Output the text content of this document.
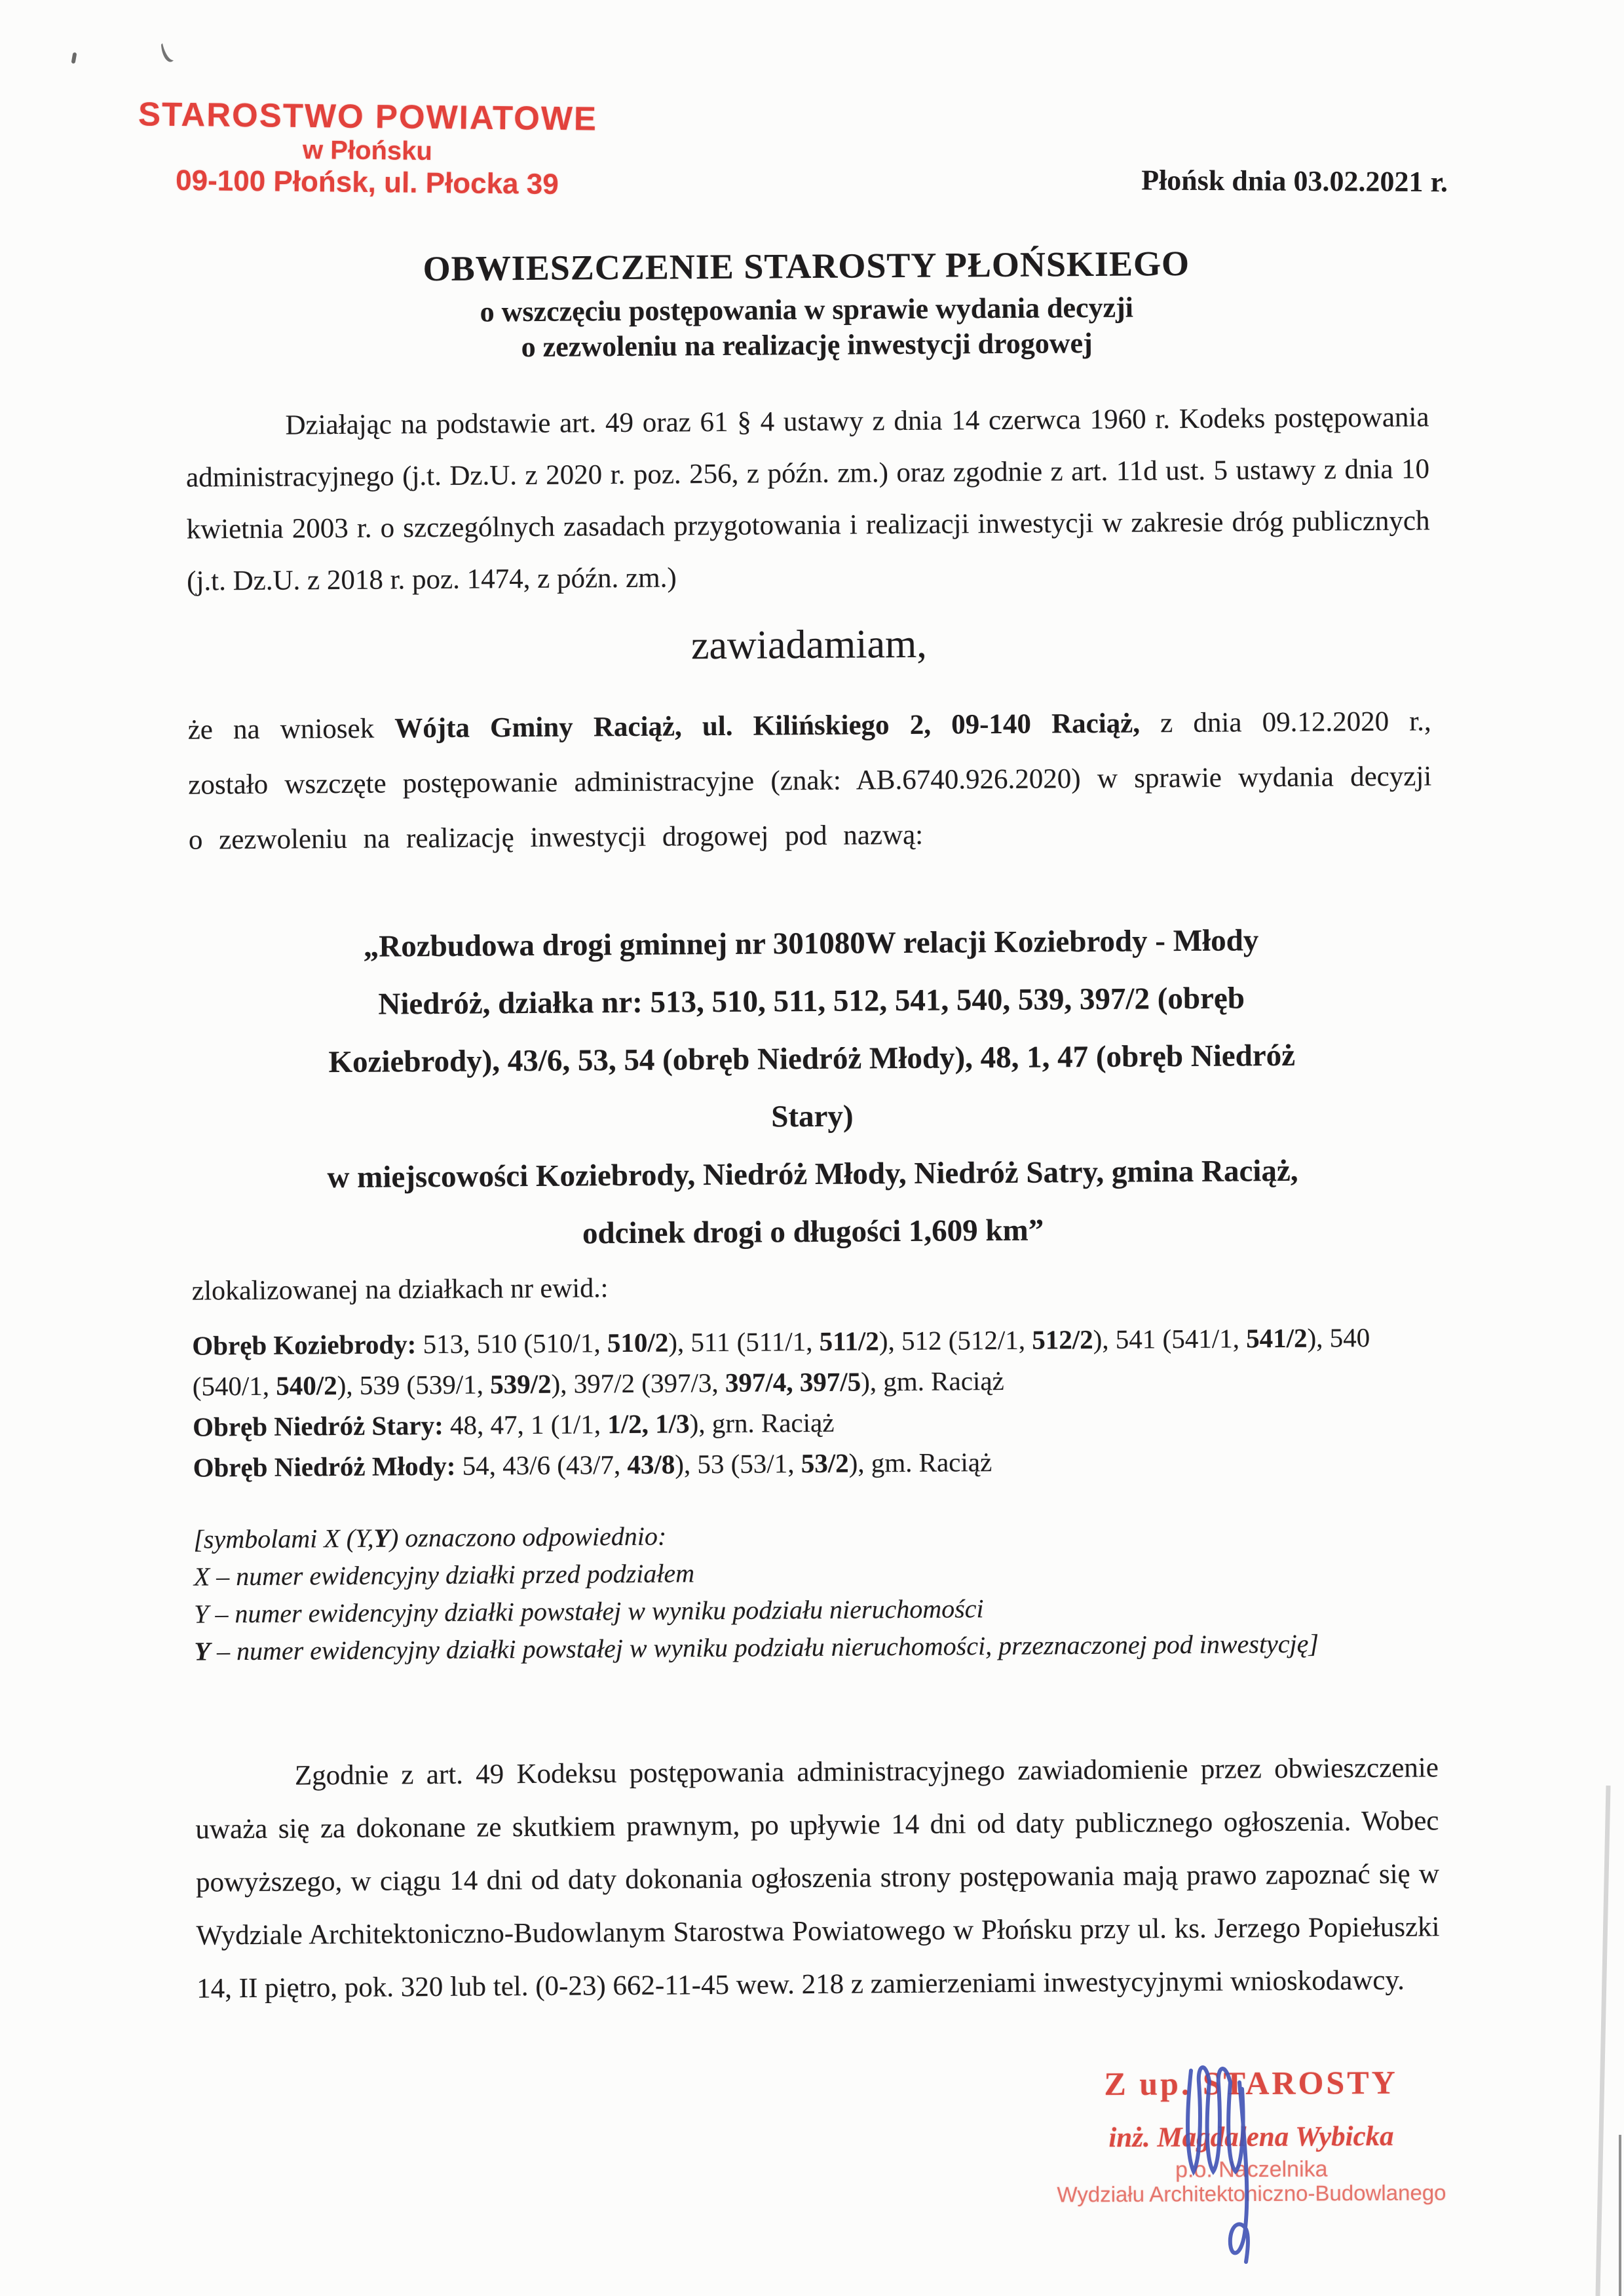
STAROSTWO POWIATOWE
w Płońsku
09-100 Płońsk, ul. Płocka 39	Płońsk dnia 03.02.2021 r.
OBWIESZCZENIE STAROSTY PŁOŃSKIEGO
o wszczęciu postępowania w sprawie wydania decyzji
o zezwoleniu na realizację inwestycji drogowej

Działając na podstawie art. 49 oraz 61 § 4 ustawy z dnia 14 czerwca 1960 r. Kodeks postępowania administracyjnego (j.t. Dz.U. z 2020 r. poz. 256, z późn. zm.) oraz zgodnie z art. 11d ust. 5 ustawy z dnia 10 kwietnia 2003 r. o szczególnych zasadach przygotowania i realizacji inwestycji w zakresie dróg publicznych (j.t. Dz.U. z 2018 r. poz. 1474, z późn. zm.)

zawiadamiam,

że na wniosek Wójta Gminy Raciąż, ul. Kilińskiego 2, 09-140 Raciąż, z dnia 09.12.2020 r., zostało wszczęte postępowanie administracyjne (znak: AB.6740.926.2020) w sprawie wydania decyzji o zezwoleniu na realizację inwestycji drogowej pod nazwą:

„Rozbudowa drogi gminnej nr 301080W relacji Koziebrody - Młody
Niedróż, działka nr: 513, 510, 511, 512, 541, 540, 539, 397/2 (obręb
Koziebrody), 43/6, 53, 54 (obręb Niedróż Młody), 48, 1, 47 (obręb Niedróż
Stary)
w miejscowości Koziebrody, Niedróż Młody, Niedróż Satry, gmina Raciąż,
odcinek drogi o długości 1,609 km”

zlokalizowanej na działkach nr ewid.:

Obręb Koziebrody: 513, 510 (510/1, 510/2), 511 (511/1, 511/2), 512 (512/1, 512/2), 541 (541/1, 541/2), 540 (540/1, 540/2), 539 (539/1, 539/2), 397/2 (397/3, 397/4, 397/5), gm. Raciąż

Obręb Niedróż Stary: 48, 47, 1 (1/1, 1/2, 1/3), grn. Raciąż

Obręb Niedróż Młody: 54, 43/6 (43/7, 43/8), 53 (53/1, 53/2), gm. Raciąż

[symbolami X (Y,Y) oznaczono odpowiednio:

X – numer ewidencyjny działki przed podziałem

Y – numer ewidencyjny działki powstałej w wyniku podziału nieruchomości

Y – numer ewidencyjny działki powstałej w wyniku podziału nieruchomości, przeznaczonej pod inwestycję]

Zgodnie z art. 49 Kodeksu postępowania administracyjnego zawiadomienie przez obwieszczenie uważa się za dokonane ze skutkiem prawnym, po upływie 14 dni od daty publicznego ogłoszenia. Wobec powyższego, w ciągu 14 dni od daty dokonania ogłoszenia strony postępowania mają prawo zapoznać się w Wydziale Architektoniczno-Budowlanym Starostwa Powiatowego w Płońsku przy ul. ks. Jerzego Popiełuszki 14, II piętro, pok. 320 lub tel. (0-23) 662-11-45 wew. 218 z zamierzeniami inwestycyjnymi wnioskodawcy.

Z up. STAROSTY
inż. Magdalena Wybicka
p.o. Naczelnika
Wydziału Architektoniczno-Budowlanego
